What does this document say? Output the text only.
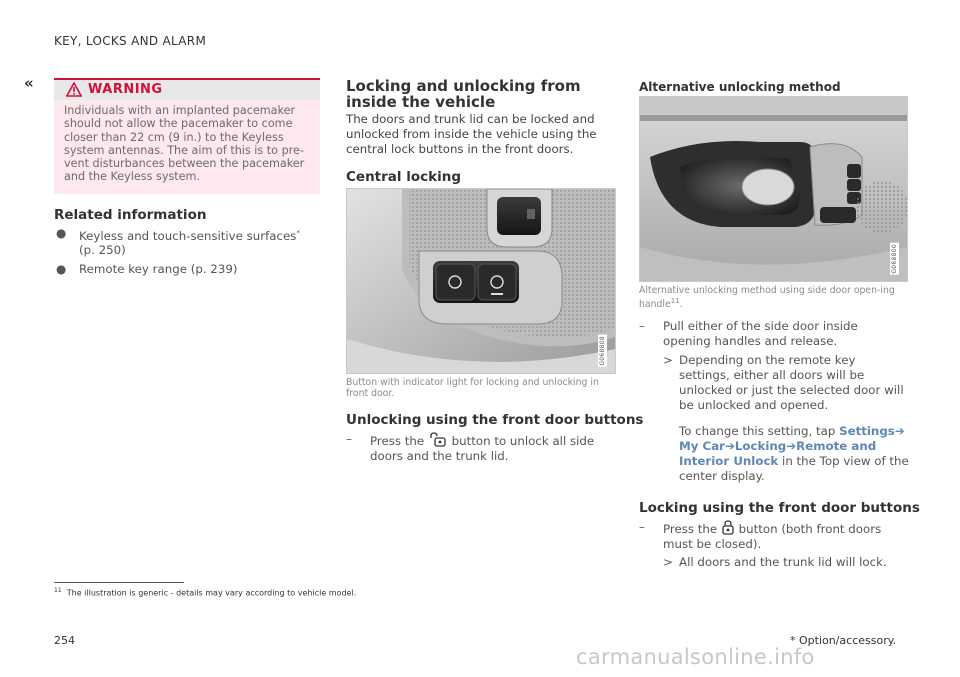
KEY, LOCKS AND ALARM
«	WARNING
Individuals with an implanted pacemaker should not allow the pacemaker to come closer than 22 cm (9 in.) to the Keyless system antennas. The aim of this is to pre-vent disturbances between the pacemaker and the Keyless system.
Related information
● Keyless and touch-sensitive surfaces*
(p. 250)
● Remote key range (p. 239)
Locking and unlocking from inside the vehicle
The doors and trunk lid can be locked and unlocked from inside the vehicle using the central lock buttons in the front doors.
Central locking
G068808
Button with indicator light for locking and unlocking in front door.
Unlocking using the front door buttons
– Press the button to unlock all side doors and the trunk lid.
Alternative unlocking method
G068800
Alternative unlocking method using side door open-ing handle$^{11}$.
– Pull either of the side door inside opening handles and release.
> Depending on the remote key settings, either all doors will be unlocked or just the selected door will be unlocked and opened.
To change this setting, tap Settings➔
My Car➔Locking➔Remote and Interior Unlock in the Top view of the center display.
Locking using the front door buttons
– Press the button (both front doors must be closed).
> All doors and the trunk lid will lock.
$^{11}$ The illustration is generic - details may vary according to vehicle model.
* Option/accessory.
254
carmanualsonline.info
